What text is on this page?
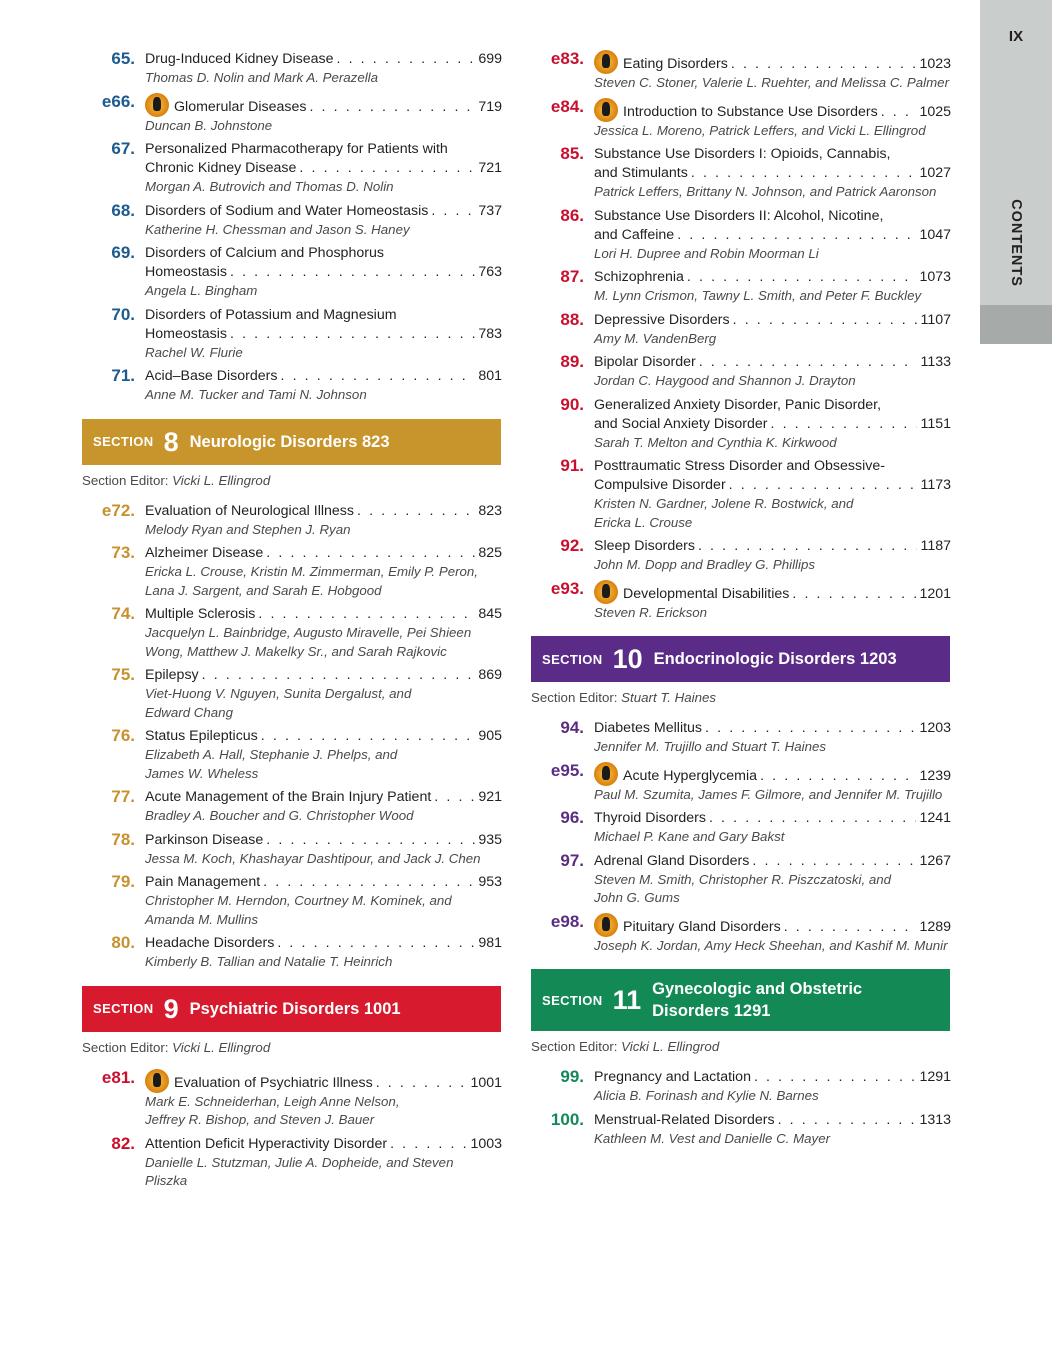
65. Drug-Induced Kidney Disease . . .	699
Thomas D. Nolin and Mark A. Perazella
e66.	Glomerular Diseases . . .	719
Duncan B. Johnstone
67. Personalized Pharmacotherapy for Patients with
Chronic Kidney Disease . . .	721
Morgan A. Butrovich and Thomas D. Nolin
68. Disorders of Sodium and Water Homeostasis . . .	737
Katherine H. Chessman and Jason S. Haney
69. Disorders of Calcium and Phosphorus
Homeostasis . . .	763
Angela L. Bingham
70. Disorders of Potassium and Magnesium
Homeostasis . . .	783
Rachel W. Flurie
71. Acid–Base Disorders . . .	801
Anne M. Tucker and Tami N. Johnson
SECTION 8 Neurologic Disorders 823
Section Editor: Vicki L. Ellingrod
e72. Evaluation of Neurological Illness . . .	823
Melody Ryan and Stephen J. Ryan
73. Alzheimer Disease . . .	825
Ericka L. Crouse, Kristin M. Zimmerman, Emily P. Peron,
Lana J. Sargent, and Sarah E. Hobgood
74. Multiple Sclerosis . . .	845
Jacquelyn L. Bainbridge, Augusto Miravelle, Pei Shieen
Wong, Matthew J. Makelky Sr., and Sarah Rajkovic
75. Epilepsy . . .	869
Viet-Huong V. Nguyen, Sunita Dergalust, and
Edward Chang
76. Status Epilepticus . . .	905
Elizabeth A. Hall, Stephanie J. Phelps, and
James W. Wheless
77. Acute Management of the Brain Injury Patient . . .	921
Bradley A. Boucher and G. Christopher Wood
78. Parkinson Disease . . .	935
Jessa M. Koch, Khashayar Dashtipour, and Jack J. Chen
79. Pain Management . . .	953
Christopher M. Herndon, Courtney M. Kominek, and
Amanda M. Mullins
80. Headache Disorders . . .	981
Kimberly B. Tallian and Natalie T. Heinrich
SECTION 9 Psychiatric Disorders 1001
Section Editor: Vicki L. Ellingrod
e81.	Evaluation of Psychiatric Illness . . .	1001
Mark E. Schneiderhan, Leigh Anne Nelson,
Jeffrey R. Bishop, and Steven J. Bauer
82. Attention Deficit Hyperactivity Disorder . . .	1003
Danielle L. Stutzman, Julie A. Dopheide, and Steven
Pliszka
e83.	Eating Disorders . . .	1023
Steven C. Stoner, Valerie L. Ruehter, and Melissa C. Palmer
e84.	Introduction to Substance Use Disorders . . .	1025
Jessica L. Moreno, Patrick Leffers, and Vicki L. Ellingrod
85. Substance Use Disorders I: Opioids, Cannabis,
and Stimulants . . .	1027
Patrick Leffers, Brittany N. Johnson, and Patrick Aaronson
86. Substance Use Disorders II: Alcohol, Nicotine,
and Caffeine . . .	1047
Lori H. Dupree and Robin Moorman Li
87. Schizophrenia . . .	1073
M. Lynn Crismon, Tawny L. Smith, and Peter F. Buckley
88. Depressive Disorders . . .	1107
Amy M. VandenBerg
89. Bipolar Disorder . . .	1133
Jordan C. Haygood and Shannon J. Drayton
90. Generalized Anxiety Disorder, Panic Disorder,
and Social Anxiety Disorder . . .	1151
Sarah T. Melton and Cynthia K. Kirkwood
91. Posttraumatic Stress Disorder and Obsessive-
Compulsive Disorder . . .	1173
Kristen N. Gardner, Jolene R. Bostwick, and
Ericka L. Crouse
92. Sleep Disorders . . .	1187
John M. Dopp and Bradley G. Phillips
e93.	Developmental Disabilities . . .	1201
Steven R. Erickson
SECTION 10 Endocrinologic Disorders 1203
Section Editor: Stuart T. Haines
94. Diabetes Mellitus . . .	1203
Jennifer M. Trujillo and Stuart T. Haines
e95.	Acute Hyperglycemia . . .	1239
Paul M. Szumita, James F. Gilmore, and Jennifer M. Trujillo
96. Thyroid Disorders . . .	1241
Michael P. Kane and Gary Bakst
97. Adrenal Gland Disorders . . .	1267
Steven M. Smith, Christopher R. Piszczatoski, and
John G. Gums
e98.	Pituitary Gland Disorders . . .	1289
Joseph K. Jordan, Amy Heck Sheehan, and Kashif M. Munir
SECTION 11 Gynecologic and Obstetric
Disorders 1291
Section Editor: Vicki L. Ellingrod
99. Pregnancy and Lactation . . .	1291
Alicia B. Forinash and Kylie N. Barnes
100. Menstrual-Related Disorders . . .	1313
Kathleen M. Vest and Danielle C. Mayer
IX
CONTENTS
